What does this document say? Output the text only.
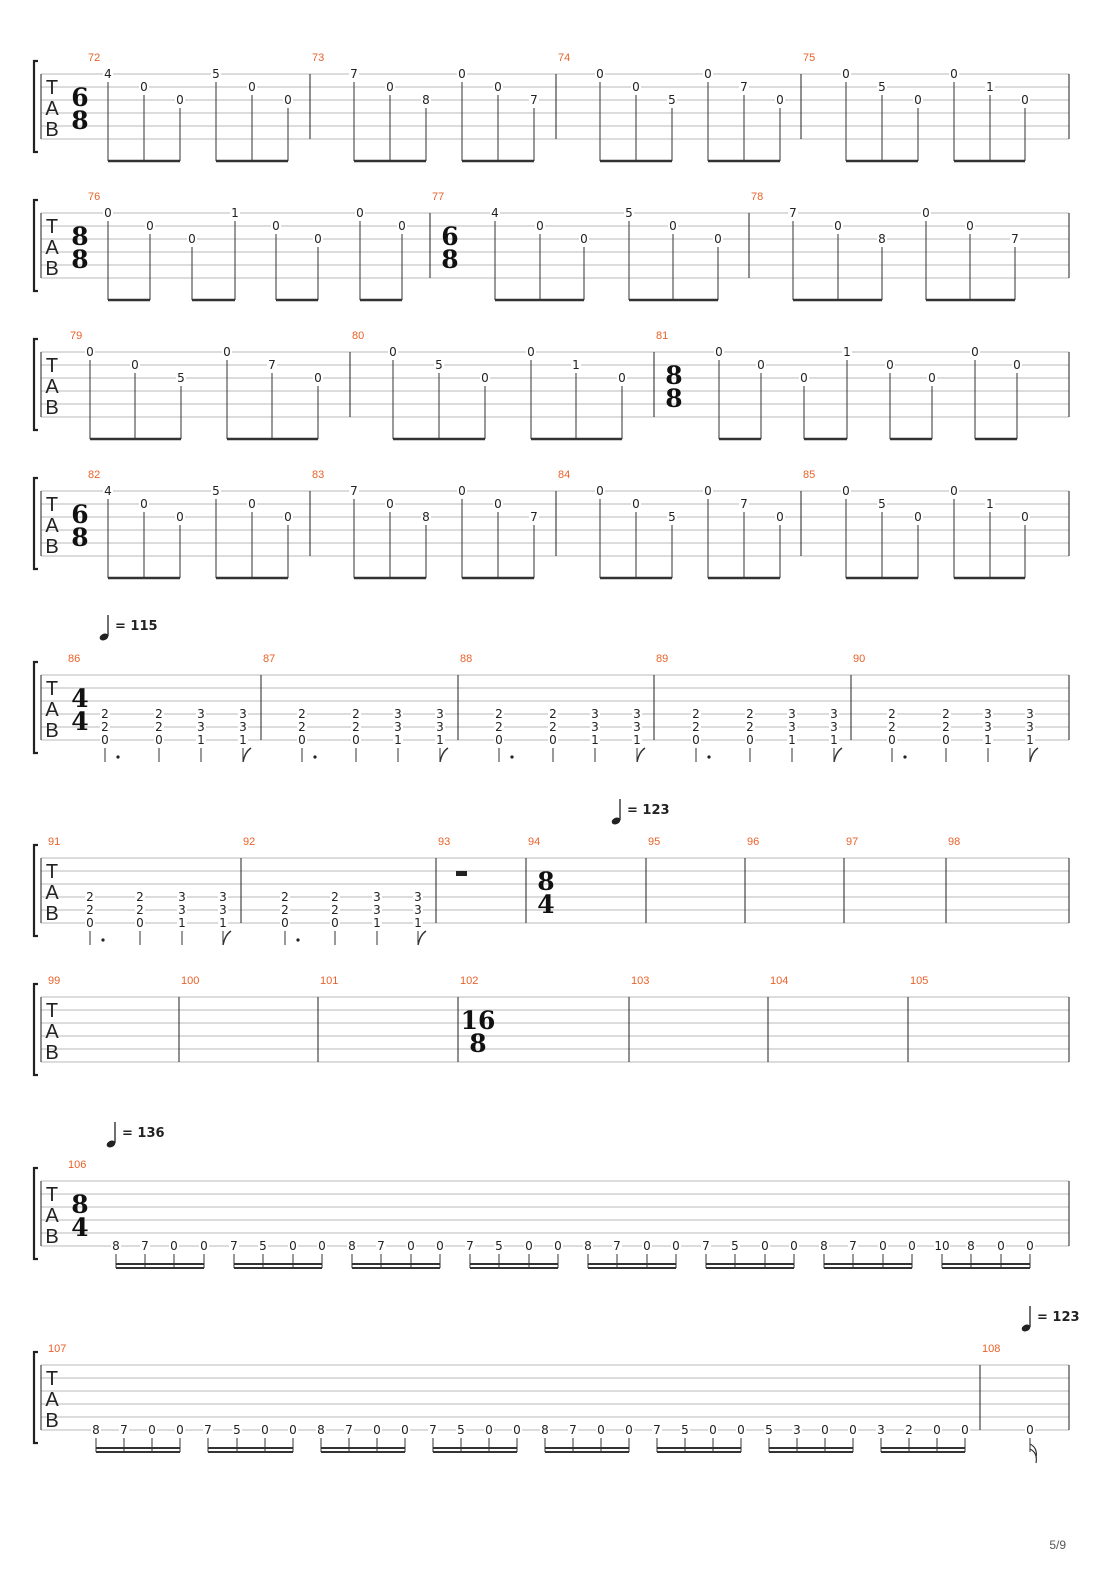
T
A
B
6
8
72
4
0
0
5
0
0
73
7
0
8
0
0
7
74
0
0
5
0
7
0
75
0
5
0
0
1
0
T
A
B
8
8
76
0
0
0
1
0
0
0
0
77
6
8
4
0
0
5
0
0
78
7
0
8
0
0
7
T
A
B
79
0
0
5
0
7
0
80
0
5
0
0
1
0
81
8
8
0
0
0
1
0
0
0
0
T
A
B
6
8
82
4
0
0
5
0
0
83
7
0
8
0
0
7
84
0
0
5
0
7
0
85
0
5
0
0
1
0
T
A
B
= 115
4
4
86
2
2
0
2
2
0
3
3
1
3
3
1
87
2
2
0
2
2
0
3
3
1
3
3
1
88
2
2
0
2
2
0
3
3
1
3
3
1
89
2
2
0
2
2
0
3
3
1
3
3
1
90
2
2
0
2
2
0
3
3
1
3
3
1
T
A
B
= 123
91
2
2
0
2
2
0
3
3
1
3
3
1
92
2
2
0
2
2
0
3
3
1
3
3
1
93	94
8
4
95	96	97	98
T
A
B
99	100	101	102
16
8
103	104	105
T
A
B
= 136
8
4
106
8 7 0 0 7 5 0 0 8 7 0 0 7 5 0 0 8 7 0 0 7 5 0 0 8 7 0 0 10 8 0 0
T
A
B
= 123
107
8 7 0 0 7 5 0 0 8 7 0 0 7 5 0 0 8 7 0 0 7 5 0 0 5 3 0 0 3 2 0 0
108
0
5/9
